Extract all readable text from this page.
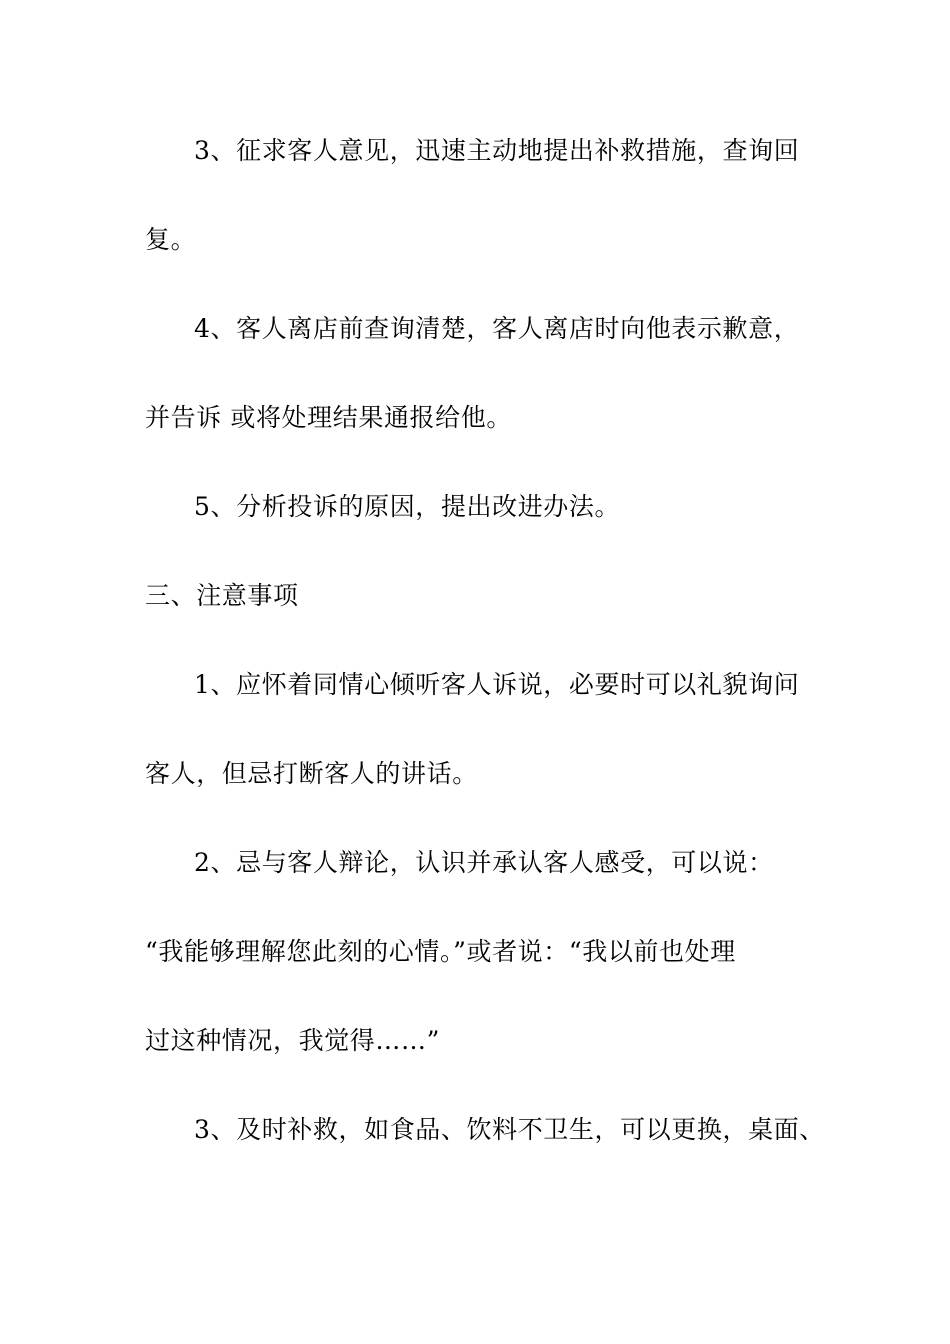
3、征求客人意见，迅速主动地提出补救措施，查询回
复。
4、客人离店前查询清楚，客人离店时向他表示歉意，
并告诉 或将处理结果通报给他。
5、分析投诉的原因，提出改进办法。
三、注意事项
1、应怀着同情心倾听客人诉说，必要时可以礼貌询问
客人，但忌打断客人的讲话。
2、忌与客人辩论，认识并承认客人感受，可以说：
“我能够理解您此刻的心情。”或者说：“我以前也处理
过这种情况，我觉得……”
3、及时补救，如食品、饮料不卫生，可以更换，桌面、
